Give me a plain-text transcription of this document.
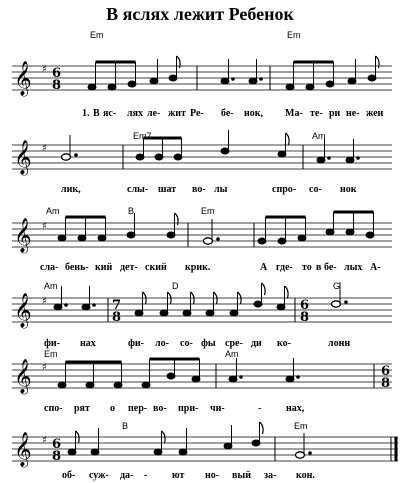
В яслях лежит Ребенок
𝄞 ♯ 6
8
Em	Em
1. В яс- лях ле- жит Ре- бе- нок, Ма- те- ри не- жен
𝄞 ♯
Em7	Am
лик,	слы- шат во- лы	спро- со- нок
𝄞 ♯
Am	B	Em
сла- бень- кий дет- ский крик.	А где- то в бе- лых А-
𝄞 ♯
Am	D	G
7
8
6
8
фи- нах	фи- ло- со- фы сре- ди ко-	лонн
𝄞 ♯
Em	Am
6
8
спо- рят о пер- во- при- чи-	- нах,
𝄞 ♯ 6
8
B	Em
об- суж- да- - ют но- вый за- кон.
